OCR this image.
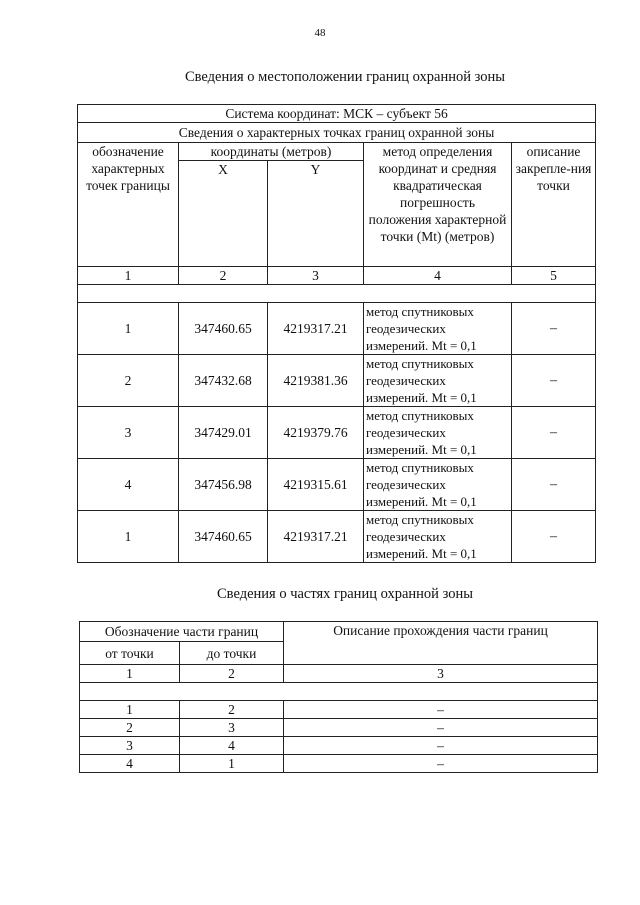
48
Сведения о местоположении границ охранной зоны
Система координат: МСК – субъект 56				
Сведения о характерных точках границ охранной зоны				
обозначение характерных точек границы	координаты (метров)		метод определения координат и средняя квадратическая погрешность положения характерной точки (Mt) (метров)	описание закрепле-ния точки
	X	Y		
1	2	3	4	5

1	347460.65	4219317.21	метод спутниковых геодезических измерений. Mt = 0,1	–
2	347432.68	4219381.36	метод спутниковых геодезических измерений. Mt = 0,1	–
3	347429.01	4219379.76	метод спутниковых геодезических измерений. Mt = 0,1	–
4	347456.98	4219315.61	метод спутниковых геодезических измерений. Mt = 0,1	–
1	347460.65	4219317.21	метод спутниковых геодезических измерений. Mt = 0,1	–
Сведения о частях границ охранной зоны
Обозначение части границ		Описание прохождения части границ
от точки	до точки	
1	2	3

1	2	–
2	3	–
3	4	–
4	1	–
